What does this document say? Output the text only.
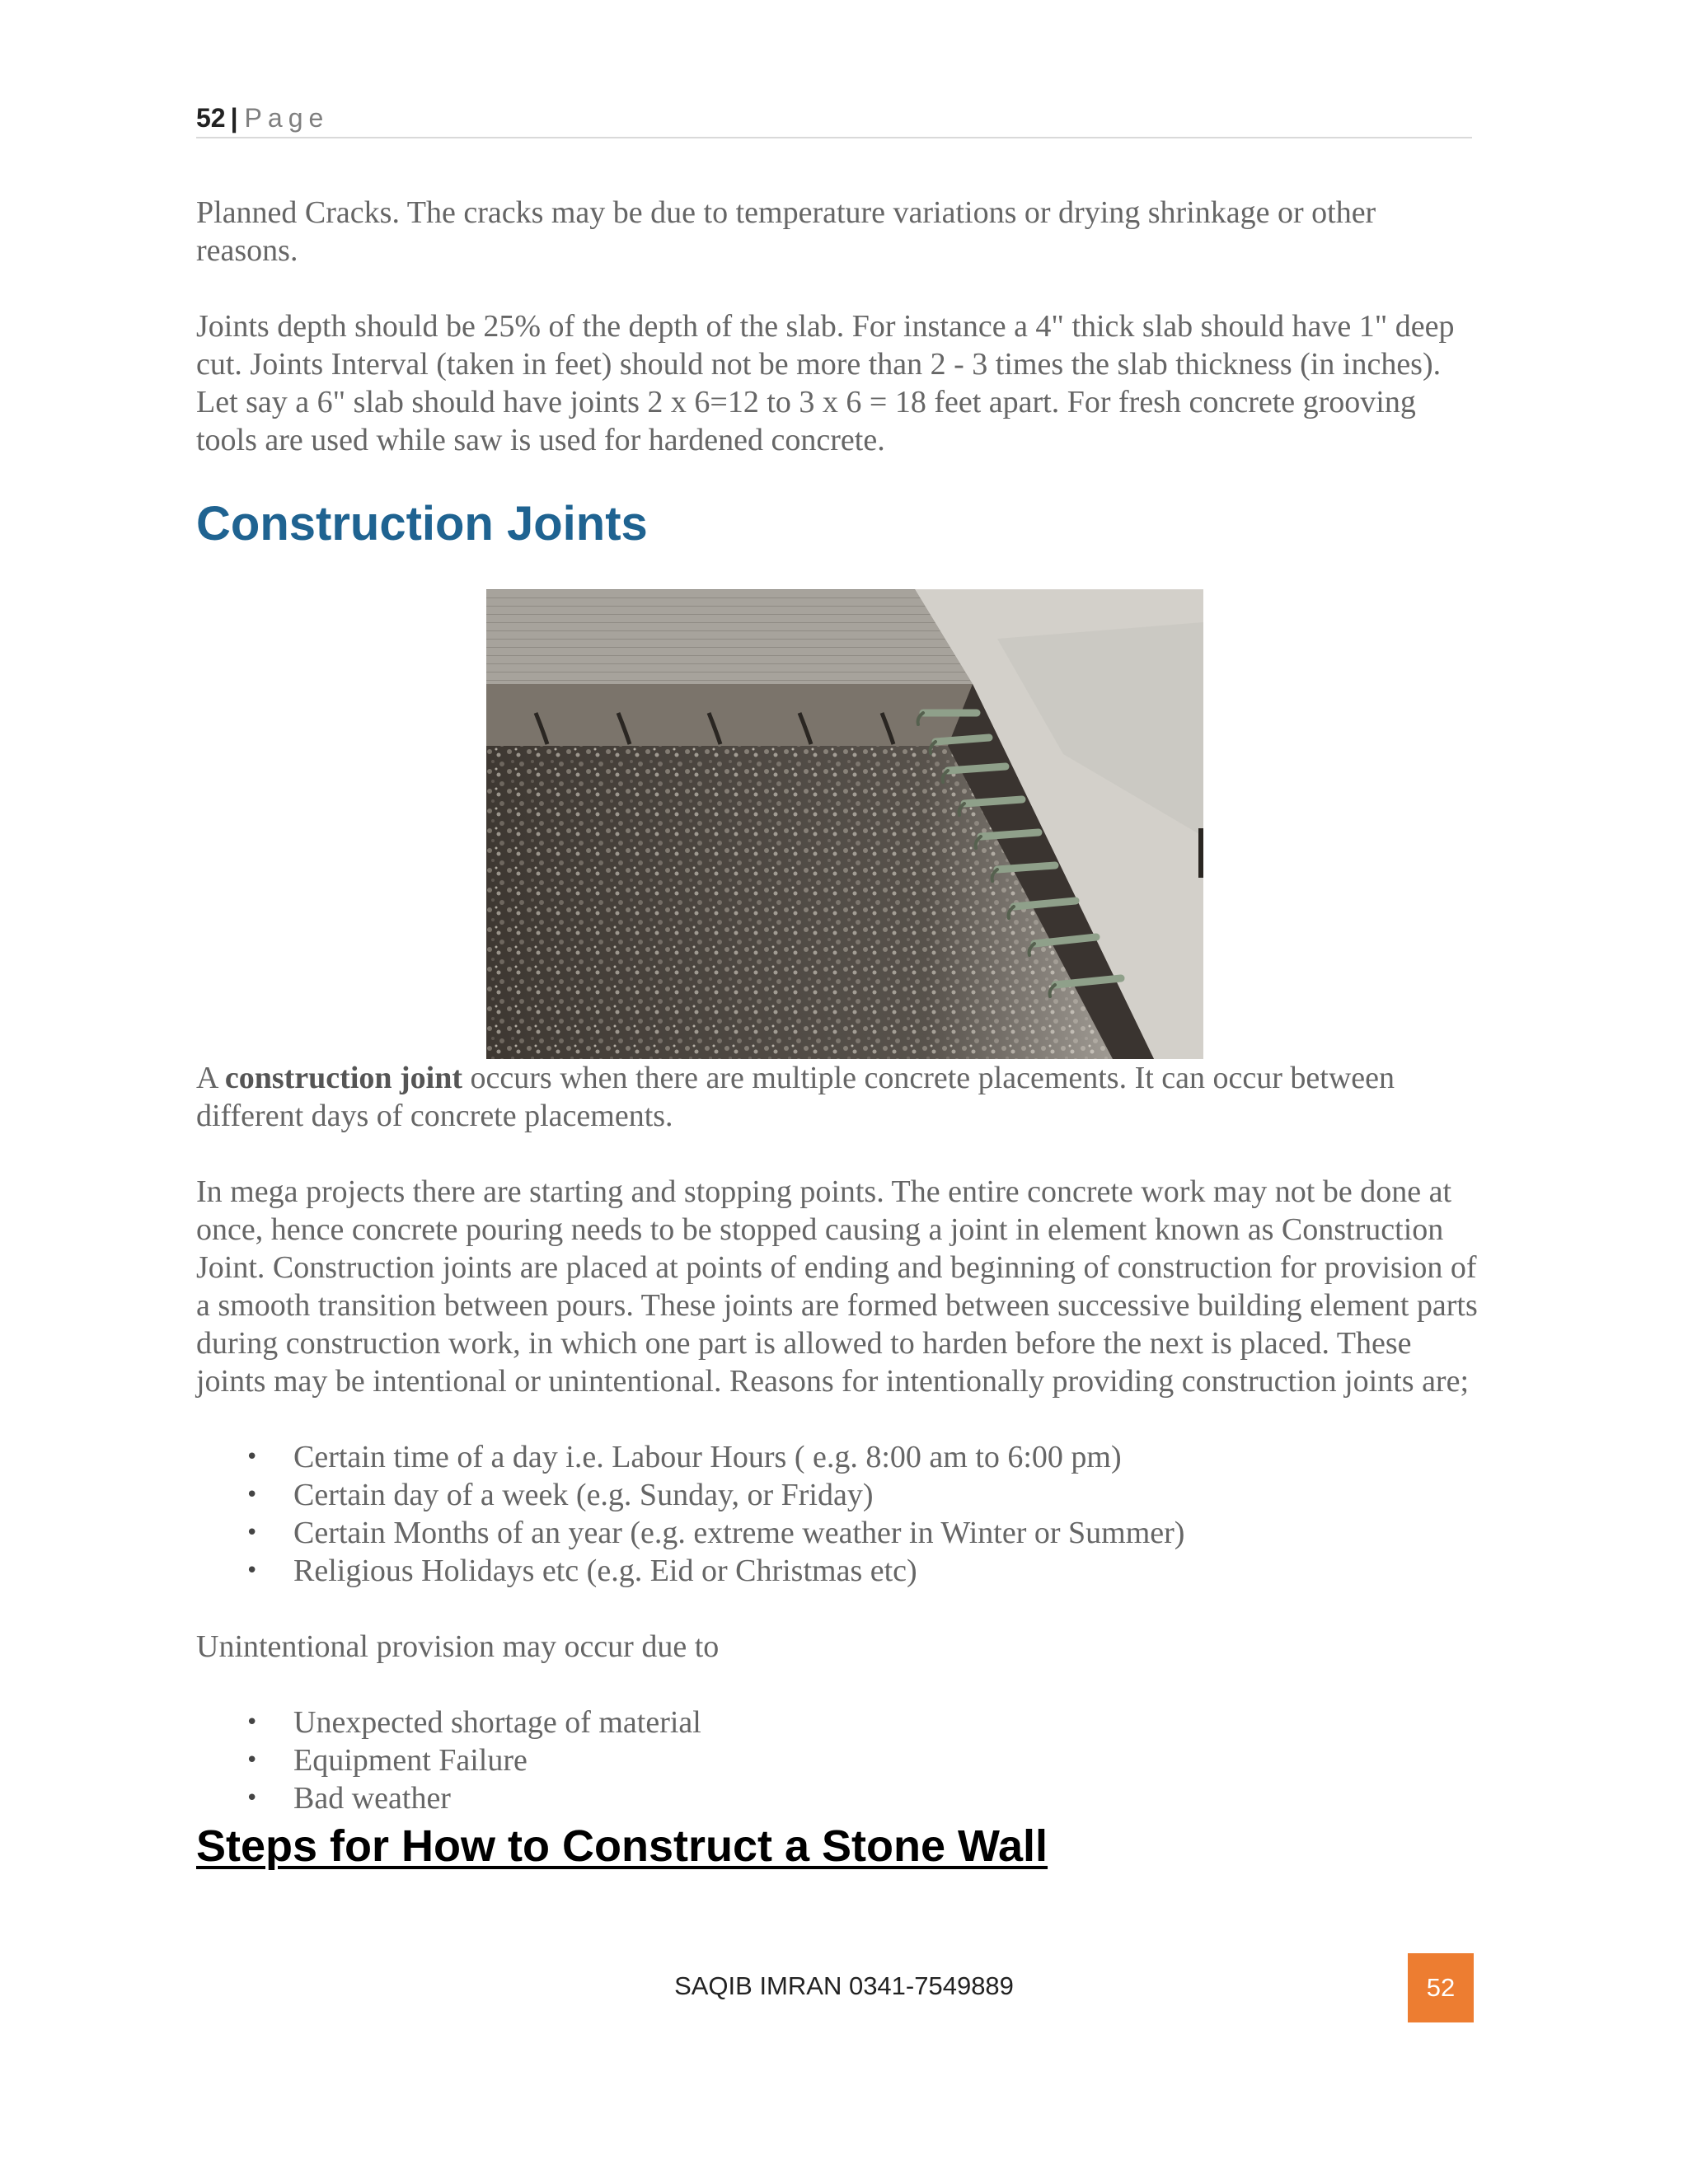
52 | Page

Planned Cracks. The cracks may be due to temperature variations or drying shrinkage or other reasons.

Joints depth should be 25% of the depth of the slab. For instance a 4" thick slab should have 1" deep cut. Joints Interval (taken in feet) should not be more than 2 - 3 times the slab thickness (in inches). Let say a 6" slab should have joints 2 x 6=12 to 3 x 6 = 18 feet apart. For fresh concrete grooving tools are used while saw is used for hardened concrete.

Construction Joints

A construction joint occurs when there are multiple concrete placements. It can occur between different days of concrete placements.

In mega projects there are starting and stopping points. The entire concrete work may not be done at once, hence concrete pouring needs to be stopped causing a joint in element known as Construction Joint. Construction joints are placed at points of ending and beginning of construction for provision of a smooth transition between pours. These joints are formed between successive building element parts during construction work, in which one part is allowed to harden before the next is placed. These joints may be intentional or unintentional. Reasons for intentionally providing construction joints are;

• Certain time of a day i.e. Labour Hours ( e.g. 8:00 am to 6:00 pm)
• Certain day of a week (e.g. Sunday, or Friday)
• Certain Months of an year (e.g. extreme weather in Winter or Summer)
• Religious Holidays etc (e.g. Eid or Christmas etc)

Unintentional provision may occur due to

• Unexpected shortage of material
• Equipment Failure
• Bad weather
Steps for How to Construct a Stone Wall
SAQIB IMRAN 0341-7549889	52
